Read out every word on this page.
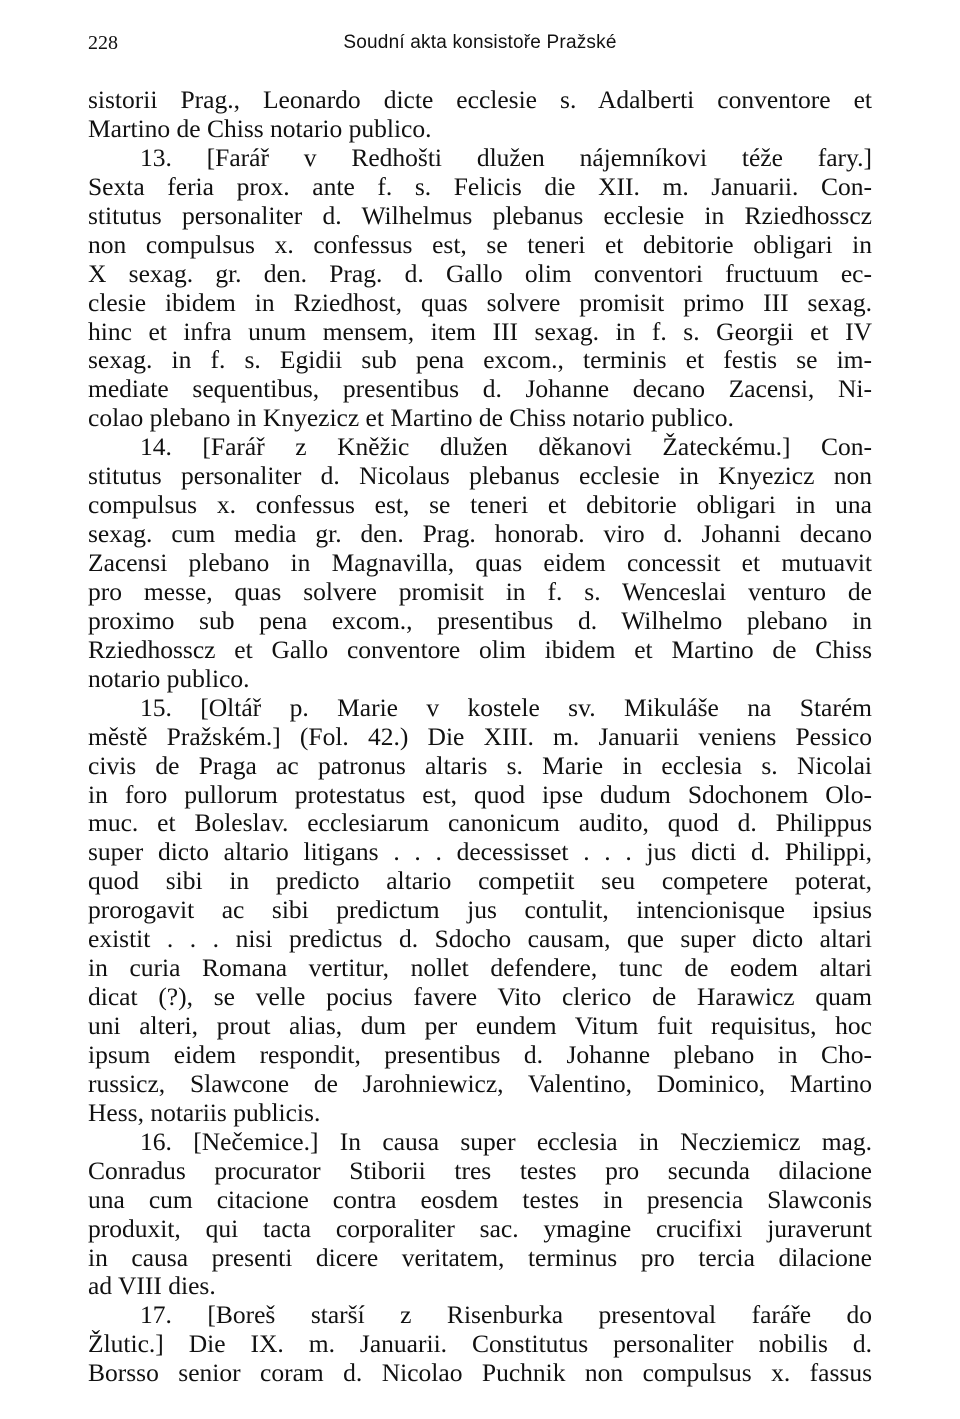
228	Soudní akta konsistoře Pražské
sistorii Prag., Leonardo dicte ecclesie s. Adalberti conventore et
Martino de Chiss notario publico.
13. [Farář v Redhošti dlužen nájemníkovi téže fary.]
Sexta feria prox. ante f. s. Felicis die XII. m. Januarii. Con-
stitutus personaliter d. Wilhelmus plebanus ecclesie in Rziedhosscz
non compulsus x. confessus est, se teneri et debitorie obligari in
X sexag. gr. den. Prag. d. Gallo olim conventori fructuum ec-
clesie ibidem in Rziedhost, quas solvere promisit primo III sexag.
hinc et infra unum mensem, item III sexag. in f. s. Georgii et IV
sexag. in f. s. Egidii sub pena excom., terminis et festis se im-
mediate sequentibus, presentibus d. Johanne decano Zacensi, Ni-
colao plebano in Knyezicz et Martino de Chiss notario publico.
14. [Farář z Kněžic dlužen děkanovi Žateckému.] Con-
stitutus personaliter d. Nicolaus plebanus ecclesie in Knyezicz non
compulsus x. confessus est, se teneri et debitorie obligari in una
sexag. cum media gr. den. Prag. honorab. viro d. Johanni decano
Zacensi plebano in Magnavilla, quas eidem concessit et mutuavit
pro messe, quas solvere promisit in f. s. Wenceslai venturo de
proximo sub pena excom., presentibus d. Wilhelmo plebano in
Rziedhosscz et Gallo conventore olim ibidem et Martino de Chiss
notario publico.
15. [Oltář p. Marie v kostele sv. Mikuláše na Starém
městě Pražském.] (Fol. 42.) Die XIII. m. Januarii veniens Pessico
civis de Praga ac patronus altaris s. Marie in ecclesia s. Nicolai
in foro pullorum protestatus est, quod ipse dudum Sdochonem Olo-
muc. et Boleslav. ecclesiarum canonicum audito, quod d. Philippus
super dicto altario litigans . . . decessisset . . . jus dicti d. Philippi,
quod sibi in predicto altario competiit seu competere poterat,
prorogavit ac sibi predictum jus contulit, intencionisque ipsius
existit . . . nisi predictus d. Sdocho causam, que super dicto altari
in curia Romana vertitur, nollet defendere, tunc de eodem altari
dicat (?), se velle pocius favere Vito clerico de Harawicz quam
uni alteri, prout alias, dum per eundem Vitum fuit requisitus, hoc
ipsum eidem respondit, presentibus d. Johanne plebano in Cho-
russicz, Slawcone de Jarohniewicz, Valentino, Dominico, Martino
Hess, notariis publicis.
16. [Nečemice.] In causa super ecclesia in Necziemicz mag.
Conradus procurator Stiborii tres testes pro secunda dilacione
una cum citacione contra eosdem testes in presencia Slawconis
produxit, qui tacta corporaliter sac. ymagine crucifixi juraverunt
in causa presenti dicere veritatem, terminus pro tercia dilacione
ad VIII dies.
17. [Boreš starší z Risenburka presentoval faráře do
Žlutic.] Die IX. m. Januarii. Constitutus personaliter nobilis d.
Borsso senior coram d. Nicolao Puchnik non compulsus x. fassus
